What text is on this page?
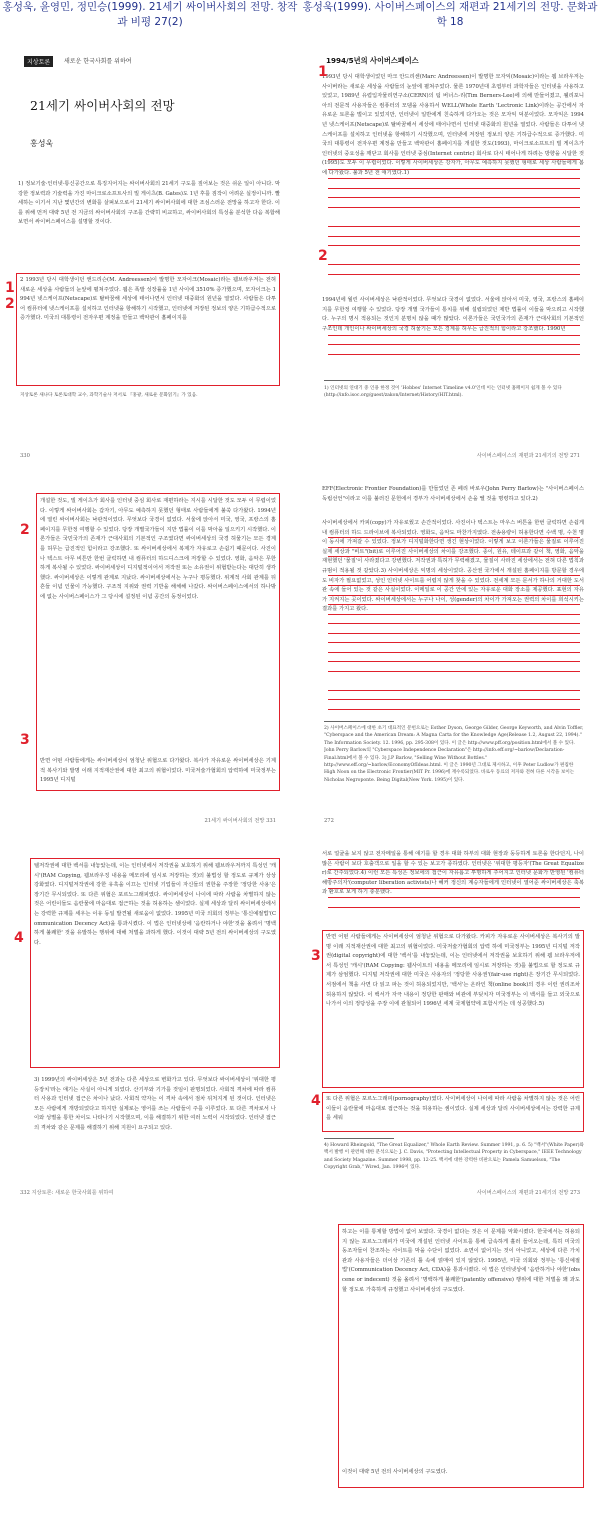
홍성욱, 윤영민, 정민승(1999). 21세기 싸이버사회의 전망. 창작과 비평 27(2)
홍성욱(1999). 사이버스페이스의 재편과 21세기의 전망. 문화과학 18
지상토론	새로운 한국사회를 위하여
21세기 싸이버사회의 전망
홍성욱
1) 정보기술·인터넷·통신공간으로 특징지어지는 싸이버사회의 21세기 구도를 짚어보는 것은 쉬운 일이 아니다. 막강한 정보력과 기술력을 가진 마이크로소프트사의 빌 게이츠(B. Gates)도 1년 후를 짐작이 어려운 실정이니까. 빨세하는 이기서 지난 몇년간의 변화를 살펴보으로서 21세기 싸이버사회에 대한 조심스러운 전망을 하고자 한다. 이를 위해 먼저 대략 5년 전 지금의 싸이버사회의 구조를 간략히 비교하고, 싸이버사회의 특성을 분석한 다음 복합해보면서 싸이버스페이스를 설명할 것이다.
2 1993년 당시 대학생이던 앤드리슨(M. Andreessen)이 발명한 모자이크(Mosaic)라는 웹브라우저는 전혀 새로운 세상을 사람들의 눈앞에 펼쳐주었다. 웹은 폭발 성장률을 1년 사이에 3510% 증가했으며, 모자이크는 1994년 넷스케이프(Netscape)로 탈바꿈해 세상에 태어나면서 인터넷 대중화의 원년을 열었다. 사람들은 다투어 컴퓨터에 넷스케이프를 설치하고 인터넷을 항해하기 시작했고, 인터넷에 저장된 정보의 양은 기하급수적으로 증가했다. 미국의 대통령이 전자우편 계정을 만들고 백악관이 홈페이지를
지상토론 새나다 토론토대학 교수, 과학기술사 저서로 『홍광, 새로운 문화읽기』가 있음.
330
1
2
1994/5년의 사이버스페이스
1993년 당시 대학생이었던 마크 안드리센(Marc Andreessen)이 발명한 모자익(Mosaic)이라는 웹 브라우저는 사이버라는 새로운 세상을 사람들의 눈앞에 펼쳐주었다. 물론 1970년대 초엽부터 과학자들은 인터넷을 사용하고 있었고, 1989년 유럽입자물리연구소(CERN)의 팀 버너스-리(Tim Berners-Lee)에 의해 만들어졌고, 웰리포니아의 전문적 사용자들은 컴퓨터의 모뎀을 사용하서 WELL(Whole Earth 'Lectronic Link)이라는 공간에서 자유로운 토론을 벌이고 있었지만, 인터넷이 일반에게 친숙하게 다가오는 것은 모자익 덕분이었다. 모자익은 1994년 넷스케이프(Netscape)로 탈바꿈해서 세상에 태어나면서 인터넷 대중화의 원년을 열었다. 사람들은 다투어 넷스케이프를 설치하고 인터넷을 항해하기 시작했으며, 인터넷에 저장된 정보의 양은 기하급수적으로 증가했다. 미국의 대통령이 전자우편 계정을 만들고 백악관이 홈페이지를 개설한 것도(1993), 마이크로소프트의 빌 게이츠가 인터넷의 중요성을 깨닫고 회사를 인터넷 중심(Internet centric) 회사로 다시 태어나게 하려는 방향을 시달한 것(1995)도 모두 이 무렵이었다. 이렇게 사이버세상은 강자가, 아무도 예측하지 못했던 형태로 세상 사람들에게 봄에 다가왔다. 불과 5년 전 얘기였다.1)
1994년에 월린 사이버세상은 낙관적이었다. 무엇보다 국경이 없었다. 서울에 앉아서 미국, 영국, 프랑스의 홈페이지를 무한정 여행할 수 있었다. 당장 개별 국가들이 통치를 위해 설립되었던 제반 법률이 이들을 막으려고 시작했다. 누구의 명시 적용되는 것인지 분명치 않을 때가 많았다. 이론가들은 국민국가의 존재가 근대사회의 기본적인 구조인데 개인이나 싸이버세상의 국경 허물기는 모든 경계를 허무는 급진적의 힘이라고 강조했다. 1990년
1) 인터넷의 연대기 중 인용 한정 것이 'Hobbes' Internet Timeline v4.0'인데 이는 인터넷 홈페이지 쉽게 볼 수 있다(http://info.isoc.org/guest/zakon/Internet/History/HIT.html).
사이버스페이스의 재편과 21세기의 전망 271
1
2
개설한 것도, 빌 게이츠가 회사를 인터넷 중심 회사로 재편하라는 지시를 시달한 것도 모두 이 무렵이었다. 이렇게 싸이버사회는 갑자기, 아무도 예측하지 못했던 형태로 사람들에게 불쑥 다가왔다. 1994년에 열린 싸이버사회는 낙관적이었다. 무엇보다 국경이 없었다. 서울에 앉아서 미국, 영국, 프랑스의 홈페이지를 무한정 여행할 수 있었다. 당장 개별국가들이 지만 법률이 이를 막아을 일으키기 시작했다. 이론가들은 국민국가의 존재가 근대사회의 기본적인 구조였다면 싸이버세상의 국경 허물기는 모든 경계를 허무는 급진적인 힘이라고 강조했다. 또 싸이버세상에서 복제가 자유로고 손쉽기 때문이다. 사진이나 텍스트 아무 비튼만 한번 클릭하면 내 컴퓨터의 하드디스크에 저장할 수 있었다. 영화, 음악은 무한하게 복사될 수 있었다. 싸이버세상이 디지털적이어서 저작권 또는 소유권이 위협받는다는 대단히 생각했다. 싸이버세상은 이렇게 관계로 지났다. 싸이버세상에서는 누구나 평등했다. 위계적 사회 관계를 뒤흔들 이념 인물이 가능했다. 구조적 지위와 권력 기반을 해체해 나갔다. 싸이버스페이스에서의 하나밖에 없는 사이버스페이스가 그 당시에 설정된 이념 공간의 동정이었다.
반면 어떤 사람들에게는 싸이버세상이 엄청난 위협으로 다가왔다. 복사가 자유로운 싸이버세상은 기계적 복사기와 발명 이래 지적재산권에 대한 최고의 위협이었다. 미국저술가협회의 압력하에 미국정부는 1995년 디지털
21세기 싸이버사회의 전망 331
2
3
EFF(Electronic Frontier Foundation)를 만들었던 존 페리 바로우(John Perry Barlow)는 "사이버스페이스 독립선언"이라고 이를 불러진 문헌에서 경부가 사이버세상에서 손을 뗄 것을 명령하고 있다.2)
사이버세상에서 카피(copy)가 자유로웠고 손간적이었다. 사진이나 텍스트는 마우스 버튼을 한번 클릭하면 손쉽게 내 컴퓨터의 하드 드라이브에 복사되었다. 영화도, 음악도 마찬가지였다. 전송용량이 허용한다면 수백 명, 수천 명이 동시에 가져갈 수 있었다. 정보가 디지털화한다면 생긴 현상이었다. 이렇게 보고 이론가들은 물질로 이루어진 실제 세상과 "비트"(bit)로 이루어진 사이버세상의 차이를 강조했다. 종이, 원유, 테이프과 같이 책, 영화, 음악을 재현했던 '물질'이 사라졌다고 강변했다. 저작권과 특허가 무력해졌고, 물질이 사라진 세상에서는 전혀 다른 법칙과 규범이 적용될 것 같았다.3) 사이버세상은 익명의 세상이었다. 공산권 국가에서 개설된 홈페이지를 방문할 경우에도 비자가 필요없었고, 성인 인터넷 사이트를 어렵지 않게 찾을 수 있었다. 전세계 모든 문서가 하나의 거대한 도서관 속에 들어 있는 것 같은 사실이었다. 이메일로 이 공간 안에 있는 자유로운 대화 장소를 제공했다. 표현의 자유가 지켜지는 곳이었다. 싸이버세상에서는 누구나 나이, 성(gender)의 차이가 가져오는 권력의 차이를 희석시키는 결과를 가지고 왔다.
2) 사이버스페이스에 대한 초기 대표적인 문헌으로는 Esther Dyson, George Gilder, George Keyworth, and Alvin Toffler, "Cyberspace and the American Dream: A Magna Carta for the Knowledge Age(Release 1.2, August 22, 1994)." The Information Society. 12. 1996, pp. 295-308이 있다. 이 글은 http://www.pff.org/position.html에서 볼 수 있다. John Perry Barlow의 "Cyberspace Independence Declaration"은 http://info.eff.org/~barlow/Declaration-Final.html에서 볼 수 있다. 3) J.P Barlow, "Selling Wine Without Bottles." http://www.eff.org/~barlow/EconomyOfIdeas.html. 이 글은 1990년 그대로 제시하고, 이후 Peter Ludlow가 편집한 High Noon on the Electronic Frontier(MIT Pr. 1996)에 재수록되었다. 바로우 동료의 저자와 전혀 다른 시각을 보이는 Nicholas Negroponte. Being Digital(New York. 1995)이 있다.
272
텔저작권에 대한 백서를 내놓았는데, 이는 인터넷에서 저작권을 보호하기 위해 웹브라우저까지 특성인 '캐시'(RAM Copying, 웹브라우징 내용을 메모리에 임시로 저장하는 것)의 불법성 할 정도로 규제가 상상 강화였다. 디지털저작권에 강한 유혹을 이끄는 인터넷 기업들이 자신들의 권한을 주장한 '정당한 사용'은 장기간 무시되었다. 또 다른 위협은 포르노그래피였다. 싸이버세상이 나이에 따라 사람을 차별하지 않는 것은 어린이들도 음란물에 마음대로 접근하는 것을 허용하는 셈이었다. 실제 세상과 달리 싸이버세상에서는 강력한 규제를 세우는 이유 동일 발견될 새로움이 없었다. 1995년 미국 의회의 정부는 '통신예절법'(Communication Decency Act)을 통과시켰다. 이 법은 인터넷상에 '음란하거나 야한'것을 올려서 '명백하게 불쾌한' 것을 유발하는 행위에 대해 처벌을 과하게 했다. 이것이 대략 5년 전의 싸이버세상의 구도였다.
3) 1999년의 싸이버세상은 5년 전과는 다른 세상으로 변화가고 있다. 무엇보다 싸이버세상이 '위대한 평등장치'라는 얘기는 사실이 아니게 되었다. 산기부와 기가를 것임이 판명되었다. 사회적 격차에 따라 컴퓨터 사용과 인터넷 접근은 차이나 났다. 사회적 약자는 이 격차 속에서 점차 뒤처지게 된 것이다. 인터넷은 모든 사람에게 개방되었다고 하지만 실제로는 영어를 쓰는 사람들이 주를 이루었다. 또 다른 격차로서 나이와 성별을 통한 차이도 나타나기 시작했으며, 이를 해결하기 위한 여러 노력이 시작되었다. 인터넷 접근의 격차와 같은 문제를 해결하기 위해 지원이 요구되고 있다.
332 지상토론: 새로운 한국사회를 위하여
4
서로 얼굴을 보지 않고 전자메일을 통해 얘기를 할 경우 대화 하부의 대화 현장과 동등하게 토론을 한다던지, 나이 많은 사람이 보다 호출객으로 일을 할 수 있는 보고가 종하였다. 인터넷은 '위대한 평등자'(The Great Equalizer)로 간주되었다.4) 이런 모든 특성은 정보에의 접근이 자유롭고 투명하게 주어지고 인터넷 문화가 반영된 '컴퓨터 해방주의자'(computer liberation activists)나 혜커 정신의 계승자들에게 인터넷이 열어준 싸이버세상은 축복과 환호로 보게 하기 충분했다.
반면 어떤 사람들에게는 사이버세상이 엄청난 위협으로 다가왔다. 카피가 자유로운 사이버세상은 복사기의 발명 이래 지적재산권에 대한 최고의 위협이었다. 미국저술가협회의 압력 하에 미국정부는 1995년 디지털 저작권(digital copyright)에 대한 '백서'를 내놓았는데, 이는 인터넷에서 저작권을 보호하기 위해 웹 브라우저에서 특성인 '캐시'(RAM Copying: 웹사이트의 내용을 메모리에 임시로 저장하는 것)를 불법으로 할 정도로 규제가 삼엄했다. 디지털 저작권에 대한 미국은 사용자의 '정당한 사용권'(fair-use right)은 장기간 무시되었다. 서점에서 책을 사면 다 읽고 파는 것이 허용되었지만, '백서'는 온라인 책(online book)의 경우 이런 권리조차 허용하지 않았다. 이 백서가 자극 내용이 정당한 판매와 비관에 부딪치자 미국정부는 이 백서를 들고 외국으로 나가서 이의 정당성을 주장 이에 관철되어 1996년 세계 국제협약에 포함시키는 데 성공했다.5)
또 다른 위협은 포르노그래피(pornography)였다. 사이버세상이 나이에 따라 사람을 차별하지 않는 것은 어린이들이 음란물에 마음대로 접근하는 것을 허용하는 셈이었다. 실제 세상과 달리 사이버세상에서는 강력한 규제를 세워
4) Howard Rheingold, "The Great Equalizer," Whole Earth Review. Summer 1991, p. 6. 5) "백서"(White Paper)와 백서 발행 이 관련해 대한 분석으로는 J. C. Davis, "Protecting Intellectual Property in Cyberspace," IEEE Technology and Society Magazine. Summer 1998, pp. 12-25. 백서에 대한 강력한 비판으로는 Pamela Samuelson, "The Copyright Grab," Wired, Jan. 1996이 있다.
사이버스페이스의 재편과 21세기의 전망 273
3
4
하고는 이를 통제할 방법이 없어 보였다. 국경이 없다는 것은 이 문제를 악화시켰다. 한국에서는 허용되지 않는 포르노그래피가 미국에 개설된 인터넷 사이트를 통해 급속하게 흘러 들어오는데, 특히 미국의 동조자들이 찬조하는 사이트를 막을 수단이 없었다. 쇼면이 없어지는 것이 아니었고, 세상에 다른 가치관과 사용자들은 더이상 기존의 틀 속에 얽매여 있지 않았다. 1995년, 미국 의회와 정부는 '통신예절법'(Communication Decency Act, CDA)을 통과시켰다. 이 법은 인터넷상에 '음란하거나 야한'(obscene or indecent) 것을 올려서 '명백하게 불쾌한'(patently offensive) 행위에 대한 처벌을 꽤 과도할 정도로 가혹하게 규정했고 사이버세상의 구도였다.
이것이 대략 5년 전의 사이버세상의 구도였다.
